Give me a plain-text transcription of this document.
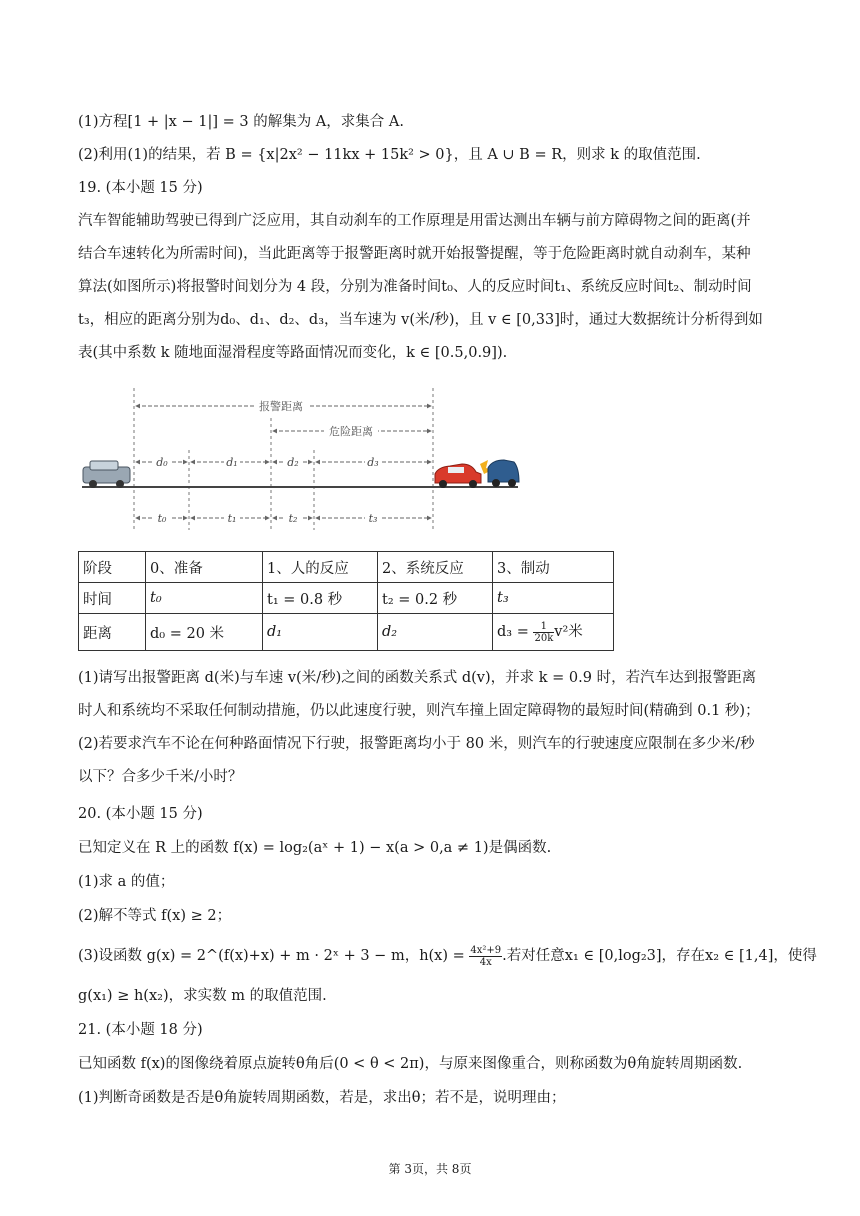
(1)方程[1 + |x − 1|] = 3 的解集为 A，求集合 A.
(2)利用(1)的结果，若 B = {x|2x² − 11kx + 15k² > 0}，且 A ∪ B = R，则求 k 的取值范围.
19. (本小题 15 分)

汽车智能辅助驾驶已得到广泛应用，其自动刹车的工作原理是用雷达测出车辆与前方障碍物之间的距离(并

结合车速转化为所需时间)，当此距离等于报警距离时就开始报警提醒，等于危险距离时就自动刹车，某种

算法(如图所示)将报警时间划分为 4 段，分别为准备时间t₀、人的反应时间t₁、系统反应时间t₂、制动时间

t₃，相应的距离分别为d₀、d₁、d₂、d₃，当车速为 v(米/秒)，且 v ∈ [0,33]时，通过大数据统计分析得到如

表(其中系数 k 随地面湿滑程度等路面情况而变化，k ∈ [0.5,0.9]).

报警距离
危险距离
d₀	d₁	d₂	d₃
t₀	t₁	t₂	t₃
阶段	0、准备	1、人的反应	2、系统反应	3、制动
时间	t₀	t₁ = 0.8 秒	t₂ = 0.2 秒	t₃
距离	d₀ = 20 米	d₁	d₂	$d_3 = \frac{1}{20k} v^2$米

(1)请写出报警距离 d(米)与车速 v(米/秒)之间的函数关系式 d(v)，并求 k = 0.9 时，若汽车达到报警距离

时人和系统均不采取任何制动措施，仍以此速度行驶，则汽车撞上固定障碍物的最短时间(精确到 0.1 秒)；

(2)若要求汽车不论在何种路面情况下行驶，报警距离均小于 80 米，则汽车的行驶速度应限制在多少米/秒

以下？合多少千米/小时？

20. (本小题 15 分)
已知定义在 R 上的函数 f(x) = log₂(aˣ + 1) − x(a > 0,a ≠ 1)是偶函数.
(1)求 a 的值；
(2)解不等式 f(x) ≥ 2；
(3)设函数 g(x) = 2^(f(x)+x) + m · 2ˣ + 3 − m，$h(x) = \frac{\text{4x²+9}}{4x}$ .若对任意x₁ ∈ [0,log₂3]，存在x₂ ∈ [1,4]，使得
g(x₁) ≥ h(x₂)，求实数 m 的取值范围.
21. (本小题 18 分)
已知函数 f(x)的图像绕着原点旋转θ角后(0 < θ < 2π)，与原来图像重合，则称函数为θ角旋转周期函数.
(1)判断奇函数是否是θ角旋转周期函数，若是，求出θ；若不是，说明理由；
第 3页，共 8页
